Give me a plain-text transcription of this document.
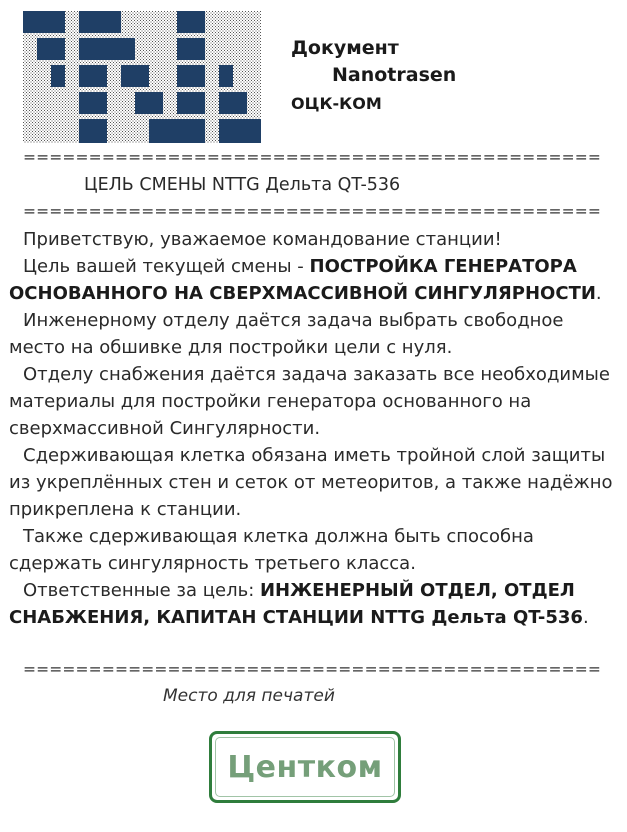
Документ
Nanotrasen
ОЦК-КОМ
============================================
ЦЕЛЬ СМЕНЫ NTTG Дельта QT-536
============================================

Приветствую, уважаемое командование станции!

Цель вашей текущей смены - ПОСТРОЙКА ГЕНЕРАТОРА ОСНОВАННОГО НА СВЕРХМАССИВНОЙ СИНГУЛЯРНОСТИ.

Инженерному отделу даётся задача выбрать свободное место на обшивке для постройки цели с нуля.

Отделу снабжения даётся задача заказать все необходимые материалы для постройки генератора основанного на сверхмассивной Сингулярности.

Сдерживающая клетка обязана иметь тройной слой защиты из укреплённых стен и сеток от метеоритов, а также надёжно прикреплена к станции.

Также сдерживающая клетка должна быть способна сдержать сингулярность третьего класса.

Ответственные за цель: ИНЖЕНЕРНЫЙ ОТДЕЛ, ОТДЕЛ СНАБЖЕНИЯ, КАПИТАН СТАНЦИИ NTTG Дельта QT-536.

============================================
Место для печатей
Центком
